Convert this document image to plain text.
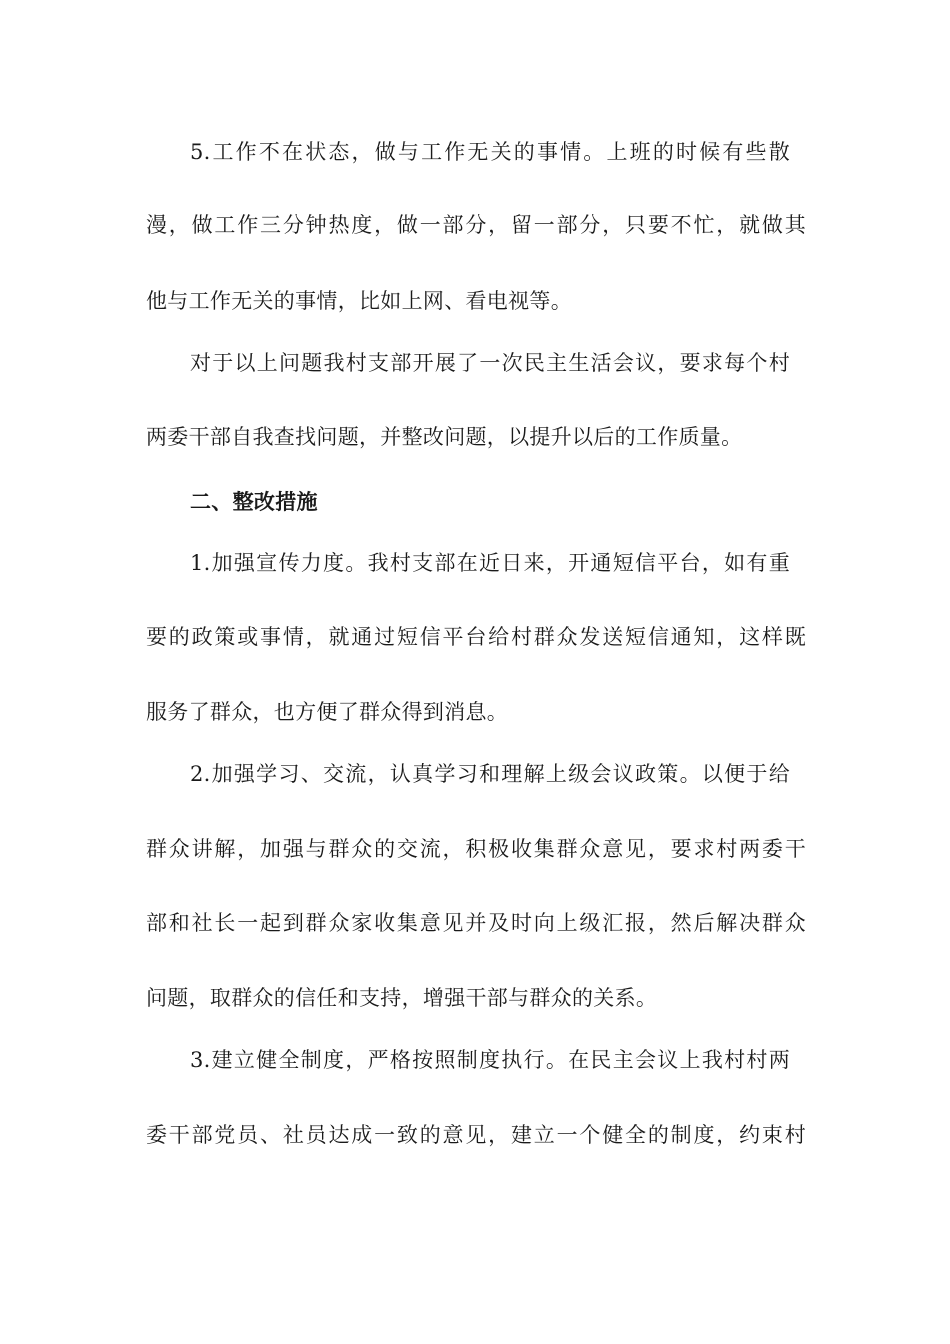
5.工作不在状态，做与工作无关的事情。上班的时候有些散
漫，做工作三分钟热度，做一部分，留一部分，只要不忙，就做其
他与工作无关的事情，比如上网、看电视等。
对于以上问题我村支部开展了一次民主生活会议，要求每个村
两委干部自我查找问题，并整改问题，以提升以后的工作质量。
二、整改措施
1.加强宣传力度。我村支部在近日来，开通短信平台，如有重
要的政策或事情，就通过短信平台给村群众发送短信通知，这样既
服务了群众，也方便了群众得到消息。
2.加强学习、交流，认真学习和理解上级会议政策。以便于给
群众讲解，加强与群众的交流，积极收集群众意见，要求村两委干
部和社长一起到群众家收集意见并及时向上级汇报，然后解决群众
问题，取群众的信任和支持，增强干部与群众的关系。
3.建立健全制度，严格按照制度执行。在民主会议上我村村两
委干部党员、社员达成一致的意见，建立一个健全的制度，约束村
